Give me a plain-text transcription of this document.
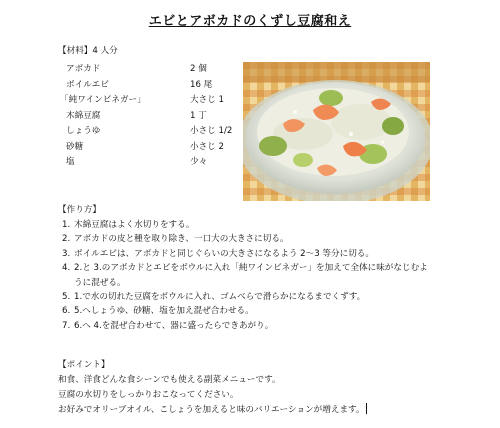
エビとアボカドのくずし豆腐和え
【材料】4 人分
アボカド	2 個
ボイルエビ	16 尾
「純ワインビネガー」	大さじ 1
木綿豆腐	1 丁
しょうゆ	小さじ 1/2
砂糖	小さじ 2
塩	少々
【作り方】
1. 木綿豆腐はよく水切りをする。
2. アボカドの皮と種を取り除き、一口大の大きさに切る。
3. ボイルエビは、アボカドと同じぐらいの大きさになるよう 2～3 等分に切る。
4. 2.と 3.のアボカドとエビをボウルに入れ「純ワインビネガー」を加えて全体に味がなじむよ
うに混ぜる。
5. 1.で水の切れた豆腐をボウルに入れ、ゴムべらで滑らかになるまでくずす。
6. 5.へしょうゆ、砂糖、塩を加え混ぜ合わせる。
7. 6.へ 4.を混ぜ合わせて、器に盛ったらできあがり。
【ポイント】
和食、洋食どんな食シーンでも使える副菜メニューです。
豆腐の水切りをしっかりおこなってください。
お好みでオリーブオイル、こしょうを加えると味のバリエーションが増えます。
